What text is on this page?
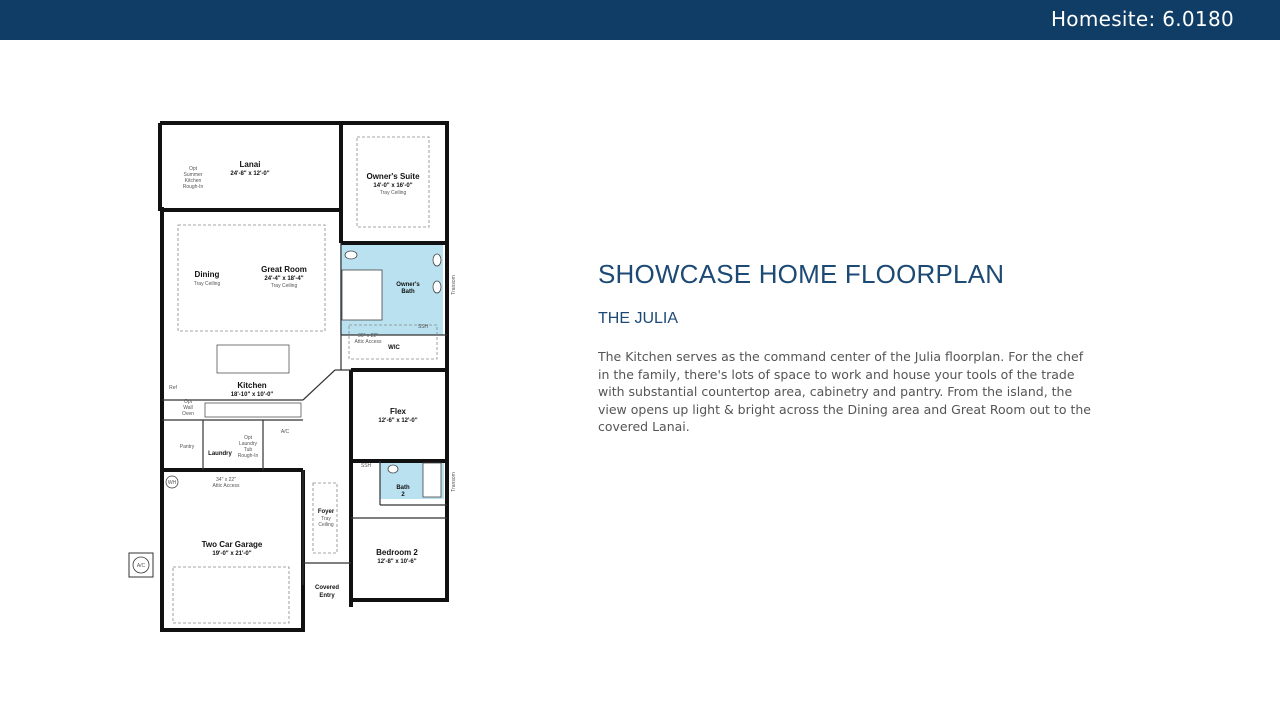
Homesite: 6.0180
Lanai
24'-8" x 12'-0"
Opt
Summer
Kitchen
Rough-In
Owner's Suite
14'-0" x 16'-0"
Tray Ceiling
Dining
Tray Ceiling
Great Room
24'-4" x 18'-4"
Tray Ceiling	Owner's
Bath	Transom
Transom
36" x 22"
Attic Access
WIC
SSH
SSH
Kitchen
18'-10" x 10'-0"
Ref
Opt
Wall
Oven
Pantry
Laundry
Opt
Laundry
Tub
Rough-In
A/C
Flex
12'-6" x 12'-0"
Bath
2
WH	34" x 22"
Attic Access
Two Car Garage
19'-0" x 21'-0"
Foyer
Tray
Ceiling
Bedroom 2
12'-8" x 10'-6"
Covered
Entry
A/C
SHOWCASE HOME FLOORPLAN
THE JULIA
The Kitchen serves as the command center of the Julia floorplan. For the chef in the family, there's lots of space to work and house your tools of the trade with substantial countertop area, cabinetry and pantry. From the island, the view opens up light & bright across the Dining area and Great Room out to the covered Lanai.
